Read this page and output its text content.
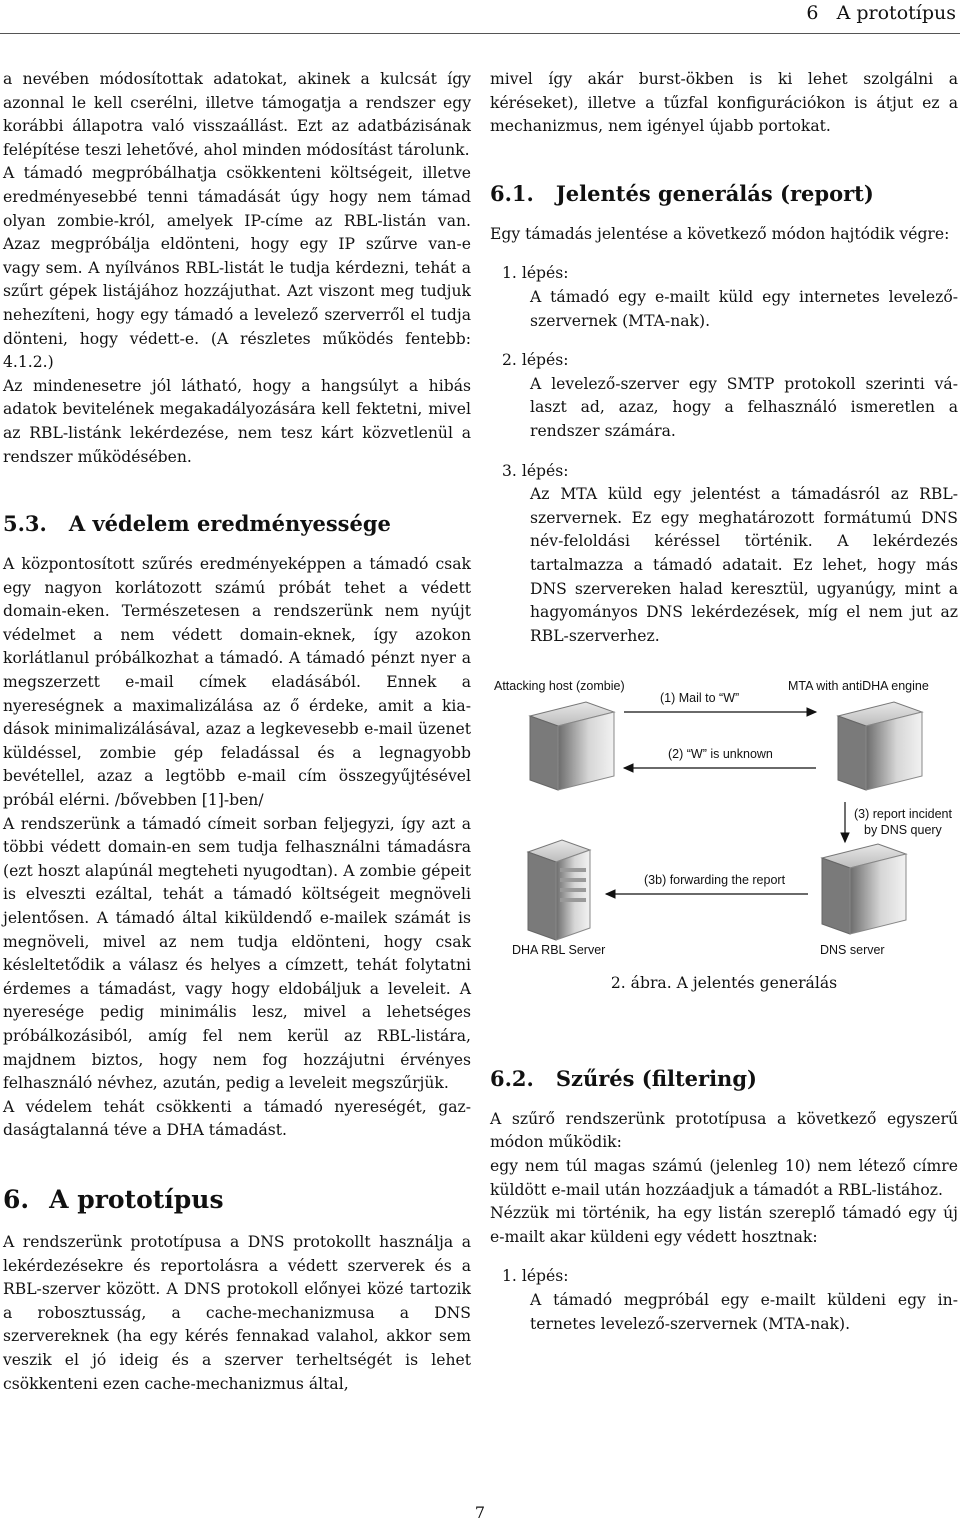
6   A prototípus

a nevében módosítottak adatokat, akinek a kulcsát így azonnal le kell cserélni, illetve támogatja a rendszer egy korábbi állapotra való visszaállást. Ezt az adatbázisának felépítése teszi lehetővé, ahol minden módosítást tárolunk.

A támadó megpróbálhatja csökkenteni költségeit, illetve eredményesebbé tenni támadását úgy hogy nem támad olyan zombie-król, amelyek IP-címe az RBL-listán van. Azaz megpróbálja eldönteni, hogy egy IP szűrve van-e vagy sem. A nyílvános RBL-listát le tudja kérdezni, tehát a szűrt gépek listájához hozzájuthat. Azt viszont meg tudjuk nehezíteni, hogy egy támadó a levelező szerverről el tudja dönteni, hogy védett-e. (A részletes működés fentebb: 4.1.2.)

Az mindenesetre jól látható, hogy a hangsúlyt a hibás adatok bevitelének megakadályozására kell fektetni, mivel az RBL-listánk lekérdezése, nem tesz kárt közvetlenül a rendszer működésében.

5.3. A védelem eredményessége

A központosított szűrés eredményeképpen a támadó csak egy nagyon korlátozott számú próbát tehet a védett domain-eken. Természetesen a rendszerünk nem nyújt védelmet a nem védett domain-eknek, így azokon korlátlanul próbálkozhat a támadó. A támadó pénzt nyer a megszerzett e-mail címek eladásából. Ennek a nyereségnek a maximalizálása az ő érdeke, amit a kiadások minimalizálásával, azaz a legkevesebb e-mail üzenet küldéssel, zombie gép feladással és a legnagyobb bevétellel, azaz a legtöbb e-mail cím összegyűjtésével próbál elérni. /bővebben [1]-ben/

A rendszerünk a támadó címeit sorban feljegyzi, így azt a többi védett domain-en sem tudja felhasználni támadásra (ezt hoszt alapúnál megteheti nyugodtan). A zombie gépeit is elveszti ezáltal, tehát a támadó költségeit megnöveli jelentősen. A támadó által kiküldendő e-mailek számát is megnöveli, mivel az nem tudja eldönteni, hogy csak késleltetődik a válasz és helyes a címzett, tehát folytatni érdemes a támadást, vagy hogy eldobáljuk a leveleit. A nyeresége pedig minimális lesz, mivel a lehetséges próbálkozásiból, amíg fel nem kerül az RBL-listára, majdnem biztos, hogy nem fog hozzájutni érvényes felhasználó névhez, azután, pedig a leveleit megszűrjük.

A védelem tehát csökkenti a támadó nyereségét, gazdaságtalanná téve a DHA támadást.

6. A prototípus

A rendszerünk prototípusa a DNS protokollt használja a lekérdezésekre és reportolásra a védett szerverek és a RBL-szerver között. A DNS protokoll előnyei közé tartozik a robosztusság, a cache-mechanizmusa a DNS szervereknek (ha egy kérés fennakad valahol, akkor sem veszik el jó ideig és a szerver terheltségét is lehet csökkenteni ezen cache-mechanizmus által,

mivel így akár burst-ökben is ki lehet szolgálni a kéréseket), illetve a tűzfal konfigurációkon is átjut ez a mechanizmus, nem igényel újabb portokat.

6.1. Jelentés generálás (report)

Egy támadás jelentése a következő módon hajtódik végre:

1. lépés:
A támadó egy e-mailt küld egy internetes levelező-szervernek (MTA-nak).
2. lépés:
A levelező-szerver egy SMTP protokoll szerinti választ ad, azaz, hogy a felhasználó ismeretlen a rendszer számára.
3. lépés:
Az MTA küld egy jelentést a támadásról az RBL-szervernek. Ez egy meghatározott formátumú DNS név-feloldási kéréssel történik. A lekérdezés tartalmazza a támadó adatait. Ez lehet, hogy más DNS szervereken halad keresztül, ugyanúgy, mint a hagyományos DNS lekérdezések, míg el nem jut az RBL-szerverhez.
Attacking host (zombie)	MTA with antiDHA engine
(1) Mail to “W”
(2) “W” is unknown
(3) report incident
by DNS query
(3b) forwarding the report
DHA RBL Server	DNS server
2. ábra. A jelentés generálás
6.2. Szűrés (filtering)

A szűrő rendszerünk prototípusa a következő egyszerű módon működik:

egy nem túl magas számú (jelenleg 10) nem létező címre küldött e-mail után hozzáadjuk a támadót a RBL-listához.

Nézzük mi történik, ha egy listán szereplő támadó egy új e-mailt akar küldeni egy védett hosztnak:

1. lépés:
A támadó megpróbál egy e-mailt küldeni egy internetes levelező-szervernek (MTA-nak).
7
